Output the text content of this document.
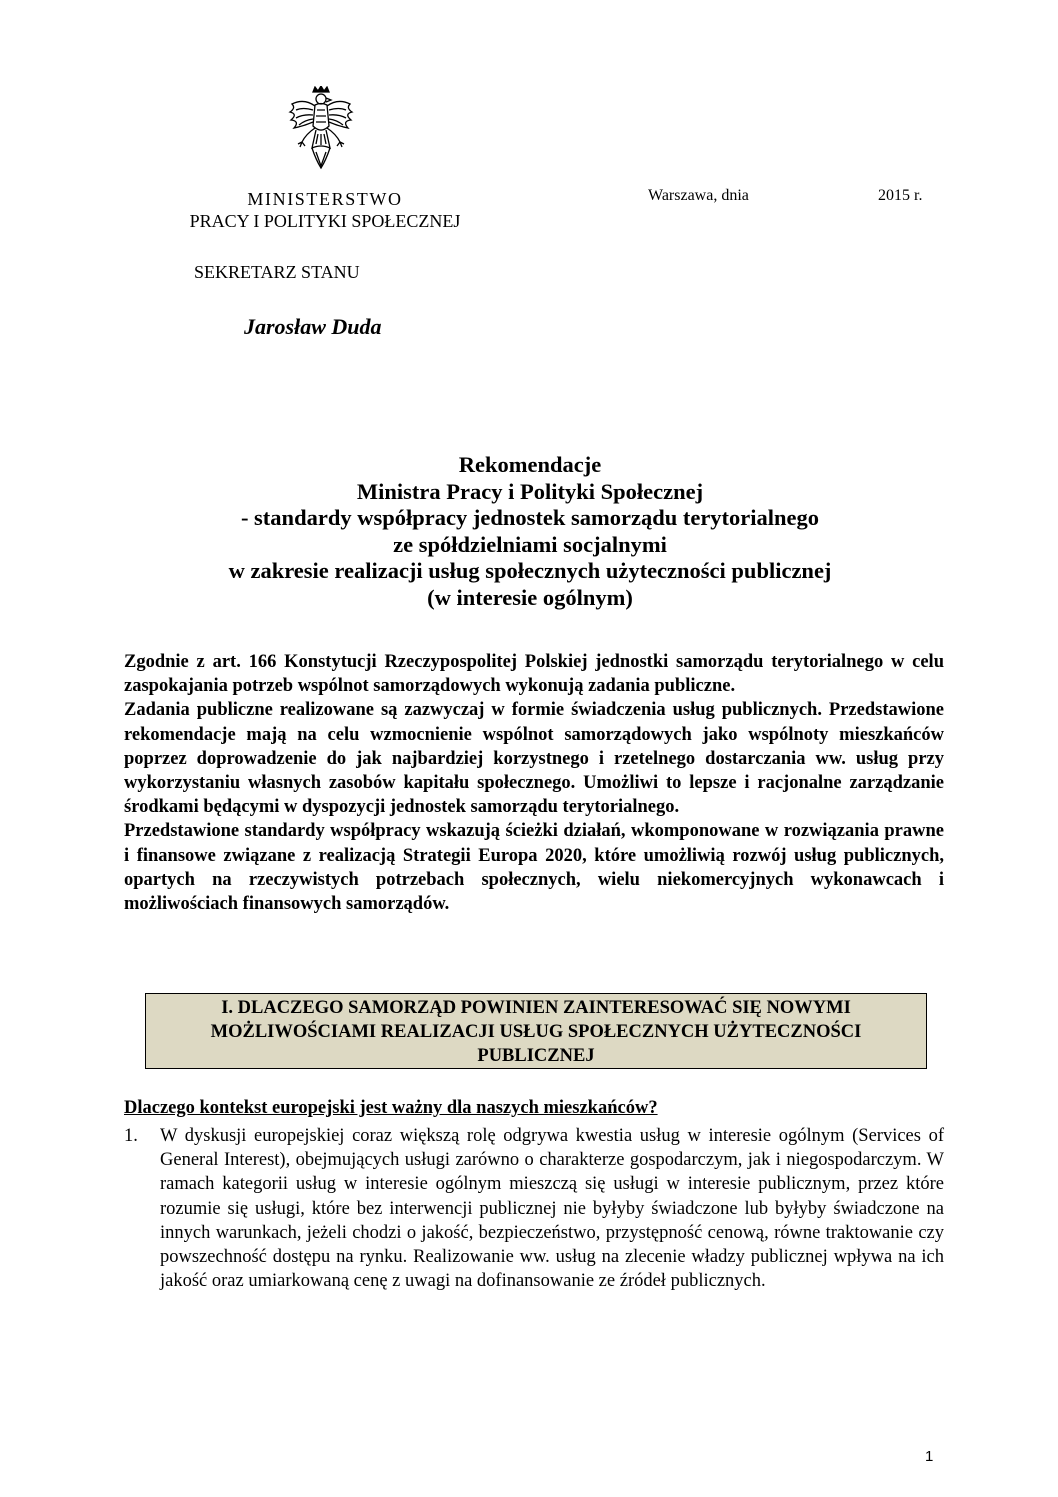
MINISTERSTWO
PRACY I POLITYKI SPOŁECZNEJ
Warszawa, dnia	2015 r.
SEKRETARZ STANU
Jarosław Duda
Rekomendacje
Ministra Pracy i Polityki Społecznej
- standardy współpracy jednostek samorządu terytorialnego
ze spółdzielniami socjalnymi
w zakresie realizacji usług społecznych użyteczności publicznej
(w interesie ogólnym)

Zgodnie z art. 166 Konstytucji Rzeczypospolitej Polskiej jednostki samorządu terytorialnego w celu zaspokajania potrzeb wspólnot samorządowych wykonują zadania publiczne.

Zadania publiczne realizowane są zazwyczaj w formie świadczenia usług publicznych. Przedstawione rekomendacje mają na celu wzmocnienie wspólnot samorządowych jako wspólnoty mieszkańców poprzez doprowadzenie do jak najbardziej korzystnego i rzetelnego dostarczania ww. usług przy wykorzystaniu własnych zasobów kapitału społecznego. Umożliwi to lepsze i racjonalne zarządzanie środkami będącymi w dyspozycji jednostek samorządu terytorialnego.

Przedstawione standardy współpracy wskazują ścieżki działań, wkomponowane w rozwiązania prawne i finansowe związane z realizacją Strategii Europa 2020, które umożliwią rozwój usług publicznych, opartych na rzeczywistych potrzebach społecznych, wielu niekomercyjnych wykonawcach i możliwościach finansowych samorządów.

I. DLACZEGO SAMORZĄD POWINIEN ZAINTERESOWAĆ SIĘ NOWYMI
MOŻLIWOŚCIAMI REALIZACJI USŁUG SPOŁECZNYCH UŻYTECZNOŚCI
PUBLICZNEJ
Dlaczego kontekst europejski jest ważny dla naszych mieszkańców?
1.	W dyskusji europejskiej coraz większą rolę odgrywa kwestia usług w interesie ogólnym (Services of General Interest), obejmujących usługi zarówno o charakterze gospodarczym, jak i niegospodarczym. W ramach kategorii usług w interesie ogólnym mieszczą się usługi w interesie publicznym, przez które rozumie się usługi, które bez interwencji publicznej nie byłyby świadczone lub byłyby świadczone na innych warunkach, jeżeli chodzi o jakość, bezpieczeństwo, przystępność cenową, równe traktowanie czy powszechność dostępu na rynku. Realizowanie ww. usług na zlecenie władzy publicznej wpływa na ich jakość oraz umiarkowaną cenę z uwagi na dofinansowanie ze źródeł publicznych.
1
